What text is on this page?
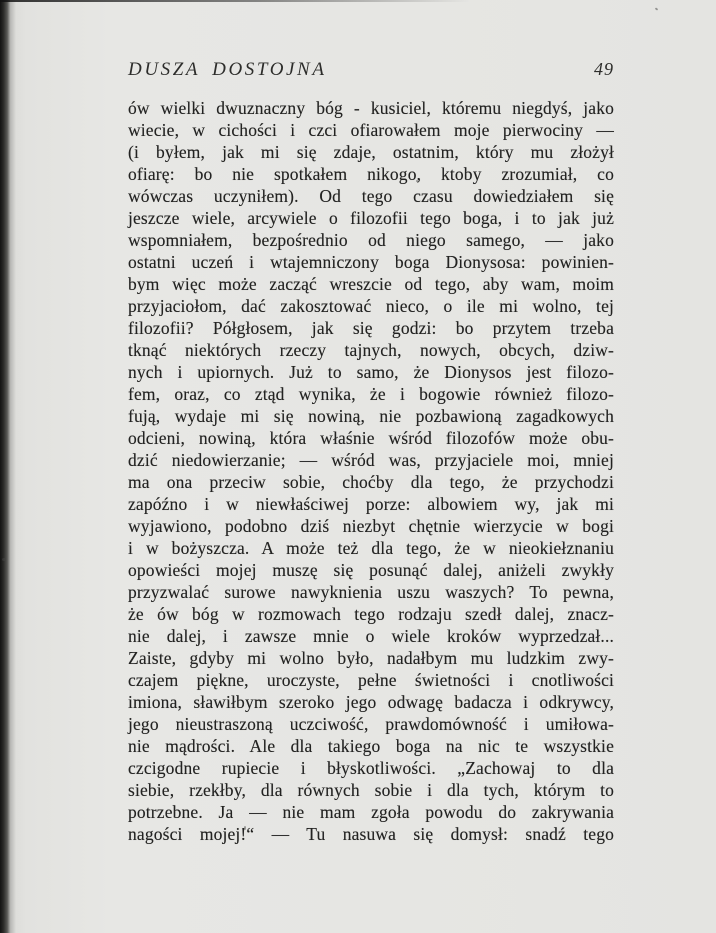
DUSZA DOSTOJNA	49
ów wielki dwuznaczny bóg - kusiciel, któremu niegdyś, jako
wiecie, w cichości i czci ofiarowałem moje pierwociny —
(i byłem, jak mi się zdaje, ostatnim, który mu złożył
ofiarę: bo nie spotkałem nikogo, ktoby zrozumiał, co
wówczas uczyniłem). Od tego czasu dowiedziałem się
jeszcze wiele, arcywiele o filozofii tego boga, i to jak już
wspomniałem, bezpośrednio od niego samego, — jako
ostatni uczeń i wtajemniczony boga Dionysosa: powinien-
bym więc może zacząć wreszcie od tego, aby wam, moim
przyjaciołom, dać zakosztować nieco, o ile mi wolno, tej
filozofii? Półgłosem, jak się godzi: bo przytem trzeba
tknąć niektórych rzeczy tajnych, nowych, obcych, dziw-
nych i upiornych. Już to samo, że Dionysos jest filozo-
fem, oraz, co ztąd wynika, że i bogowie również filozo-
fują, wydaje mi się nowiną, nie pozbawioną zagadkowych
odcieni, nowiną, która właśnie wśród filozofów może obu-
dzić niedowierzanie; — wśród was, przyjaciele moi, mniej
ma ona przeciw sobie, choćby dla tego, że przychodzi
zapóźno i w niewłaściwej porze: albowiem wy, jak mi
wyjawiono, podobno dziś niezbyt chętnie wierzycie w bogi
i w bożyszcza. A może też dla tego, że w nieokiełznaniu
opowieści mojej muszę się posunąć dalej, aniżeli zwykły
przyzwalać surowe nawyknienia uszu waszych? To pewna,
że ów bóg w rozmowach tego rodzaju szedł dalej, znacz-
nie dalej, i zawsze mnie o wiele kroków wyprzedzał...
Zaiste, gdyby mi wolno było, nadałbym mu ludzkim zwy-
czajem piękne, uroczyste, pełne świetności i cnotliwości
imiona, sławiłbym szeroko jego odwagę badacza i odkrywcy,
jego nieustraszoną uczciwość, prawdomówność i umiłowa-
nie mądrości. Ale dla takiego boga na nic te wszystkie
czcigodne rupiecie i błyskotliwości. „Zachowaj to dla
siebie, rzekłby, dla równych sobie i dla tych, którym to
potrzebne. Ja — nie mam zgoła powodu do zakrywania
nagości mojej!“ — Tu nasuwa się domysł: snadź tego
